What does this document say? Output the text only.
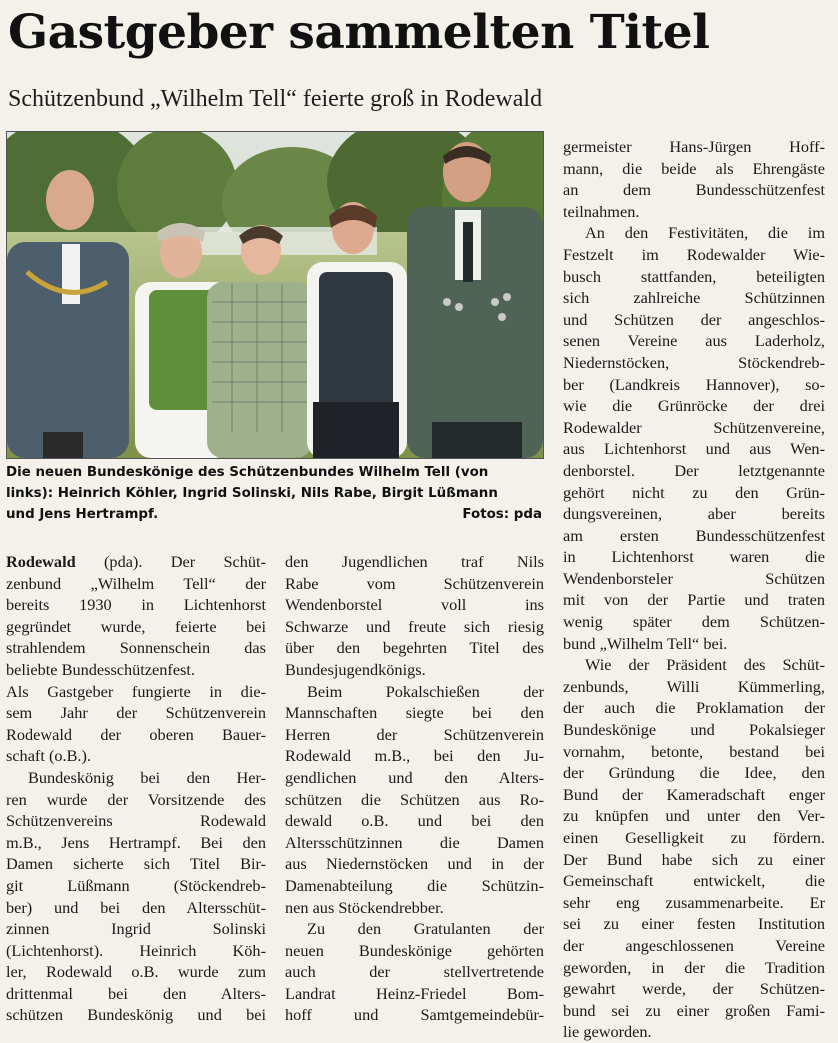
Gastgeber sammelten Titel
Schützenbund „Wilhelm Tell“ feierte groß in Rodewald

Die neuen Bundeskönige des Schützenbundes Wilhelm Tell (von

links): Heinrich Köhler, Ingrid Solinski, Nils Rabe, Birgit Lüßmann

und Jens Hertrampf.	Fotos: pda

Rodewald (pda). Der Schüt-
zenbund „Wilhelm Tell“ der
bereits 1930 in Lichtenhorst
gegründet wurde, feierte bei
strahlendem Sonnenschein das
beliebte Bundesschützenfest.
Als Gastgeber fungierte in die-
sem Jahr der Schützenverein
Rodewald der oberen Bauer-
schaft (o.B.).
Bundeskönig bei den Her-
ren wurde der Vorsitzende des
Schützenvereins Rodewald
m.B., Jens Hertrampf. Bei den
Damen sicherte sich Titel Bir-
git Lüßmann (Stöckendreb-
ber) und bei den Altersschüt-
zinnen Ingrid Solinski
(Lichtenhorst). Heinrich Köh-
ler, Rodewald o.B. wurde zum
drittenmal bei den Alters-
schützen Bundeskönig und bei
den Jugendlichen traf Nils
Rabe vom Schützenverein
Wendenborstel voll ins
Schwarze und freute sich riesig
über den begehrten Titel des
Bundesjugendkönigs.
Beim Pokalschießen der
Mannschaften siegte bei den
Herren der Schützenverein
Rodewald m.B., bei den Ju-
gendlichen und den Alters-
schützen die Schützen aus Ro-
dewald o.B. und bei den
Altersschützinnen die Damen
aus Niedernstöcken und in der
Damenabteilung die Schützin-
nen aus Stöckendrebber.
Zu den Gratulanten der
neuen Bundeskönige gehörten
auch der stellvertretende
Landrat Heinz-Friedel Bom-
hoff und Samtgemeindebür-
germeister Hans-Jürgen Hoff-
mann, die beide als Ehrengäste
an dem Bundesschützenfest
teilnahmen.
An den Festivitäten, die im
Festzelt im Rodewalder Wie-
busch stattfanden, beteiligten
sich zahlreiche Schützinnen
und Schützen der angeschlos-
senen Vereine aus Laderholz,
Niedernstöcken, Stöckendreb-
ber (Landkreis Hannover), so-
wie die Grünröcke der drei
Rodewalder Schützenvereine,
aus Lichtenhorst und aus Wen-
denborstel. Der letztgenannte
gehört nicht zu den Grün-
dungsvereinen, aber bereits
am ersten Bundesschützenfest
in Lichtenhorst waren die
Wendenborsteler Schützen
mit von der Partie und traten
wenig später dem Schützen-
bund „Wilhelm Tell“ bei.
Wie der Präsident des Schüt-
zenbunds, Willi Kümmerling,
der auch die Proklamation der
Bundeskönige und Pokalsieger
vornahm, betonte, bestand bei
der Gründung die Idee, den
Bund der Kameradschaft enger
zu knüpfen und unter den Ver-
einen Geselligkeit zu fördern.
Der Bund habe sich zu einer
Gemeinschaft entwickelt, die
sehr eng zusammenarbeite. Er
sei zu einer festen Institution
der angeschlossenen Vereine
geworden, in der die Tradition
gewahrt werde, der Schützen-
bund sei zu einer großen Fami-
lie geworden.
